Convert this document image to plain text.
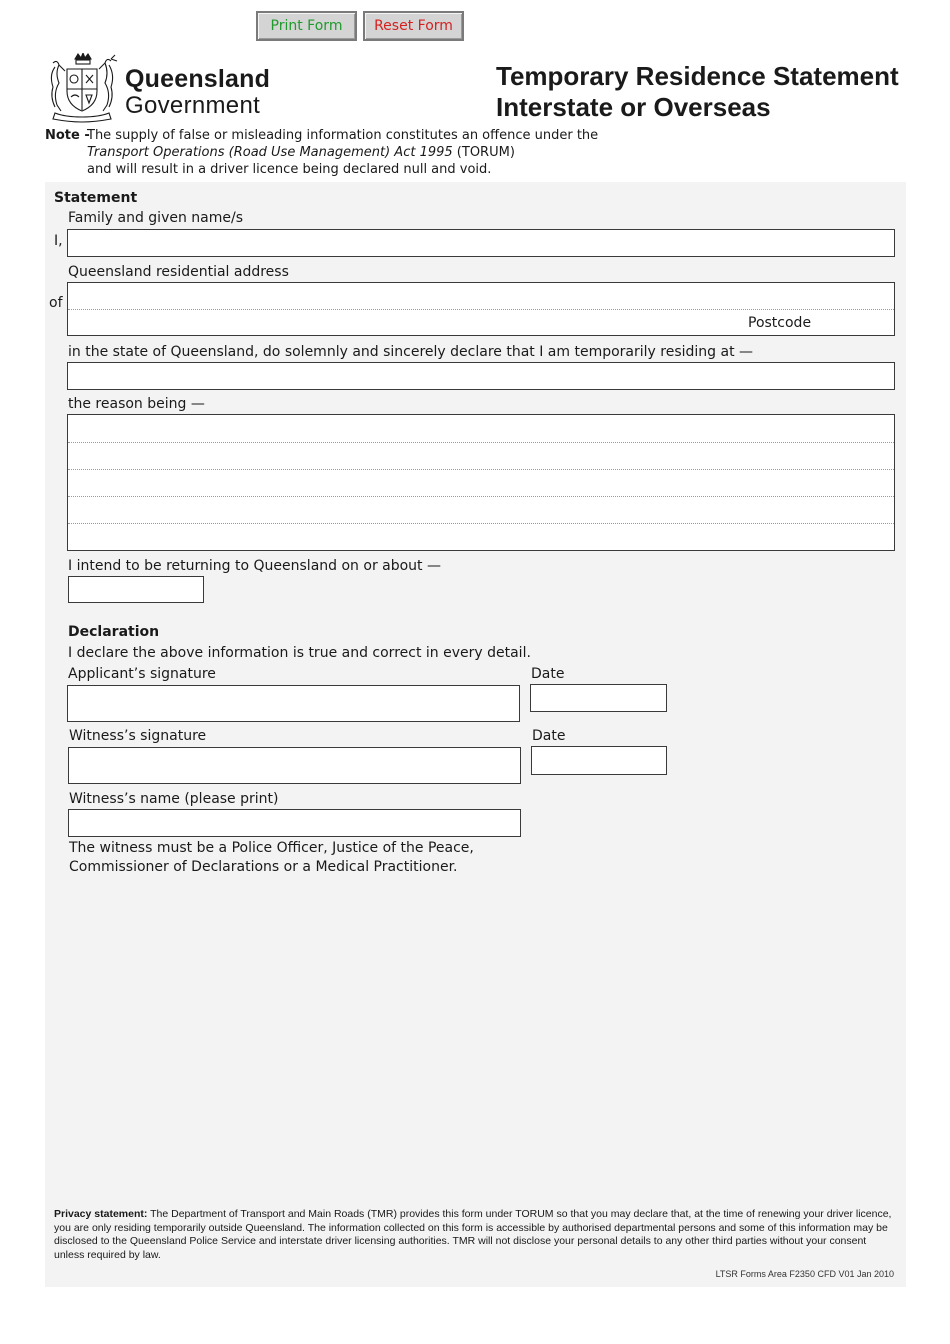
Print Form	Reset Form
Queensland
Government
Temporary Residence Statement
Interstate or Overseas
Note -
The supply of false or misleading information constitutes an offence under the
Transport Operations (Road Use Management) Act 1995 (TORUM)
and will result in a driver licence being declared null and void.
Statement
Family and given name/s
I,
Queensland residential address
of
Postcode
in the state of Queensland, do solemnly and sincerely declare that I am temporarily residing at —
the reason being —
I intend to be returning to Queensland on or about —
Declaration
I declare the above information is true and correct in every detail.
Applicant’s signature	Date
Witness’s signature	Date
Witness’s name (please print)
The witness must be a Police Officer, Justice of the Peace,
Commissioner of Declarations or a Medical Practitioner.
Privacy statement: The Department of Transport and Main Roads (TMR) provides this form under TORUM so that you may declare that, at the time of renewing your driver licence, you are only residing temporarily outside Queensland. The information collected on this form is accessible by authorised departmental persons and some of this information may be disclosed to the Queensland Police Service and interstate driver licensing authorities. TMR will not disclose your personal details to any other third parties without your consent unless required by law.
LTSR Forms Area F2350 CFD V01 Jan 2010
